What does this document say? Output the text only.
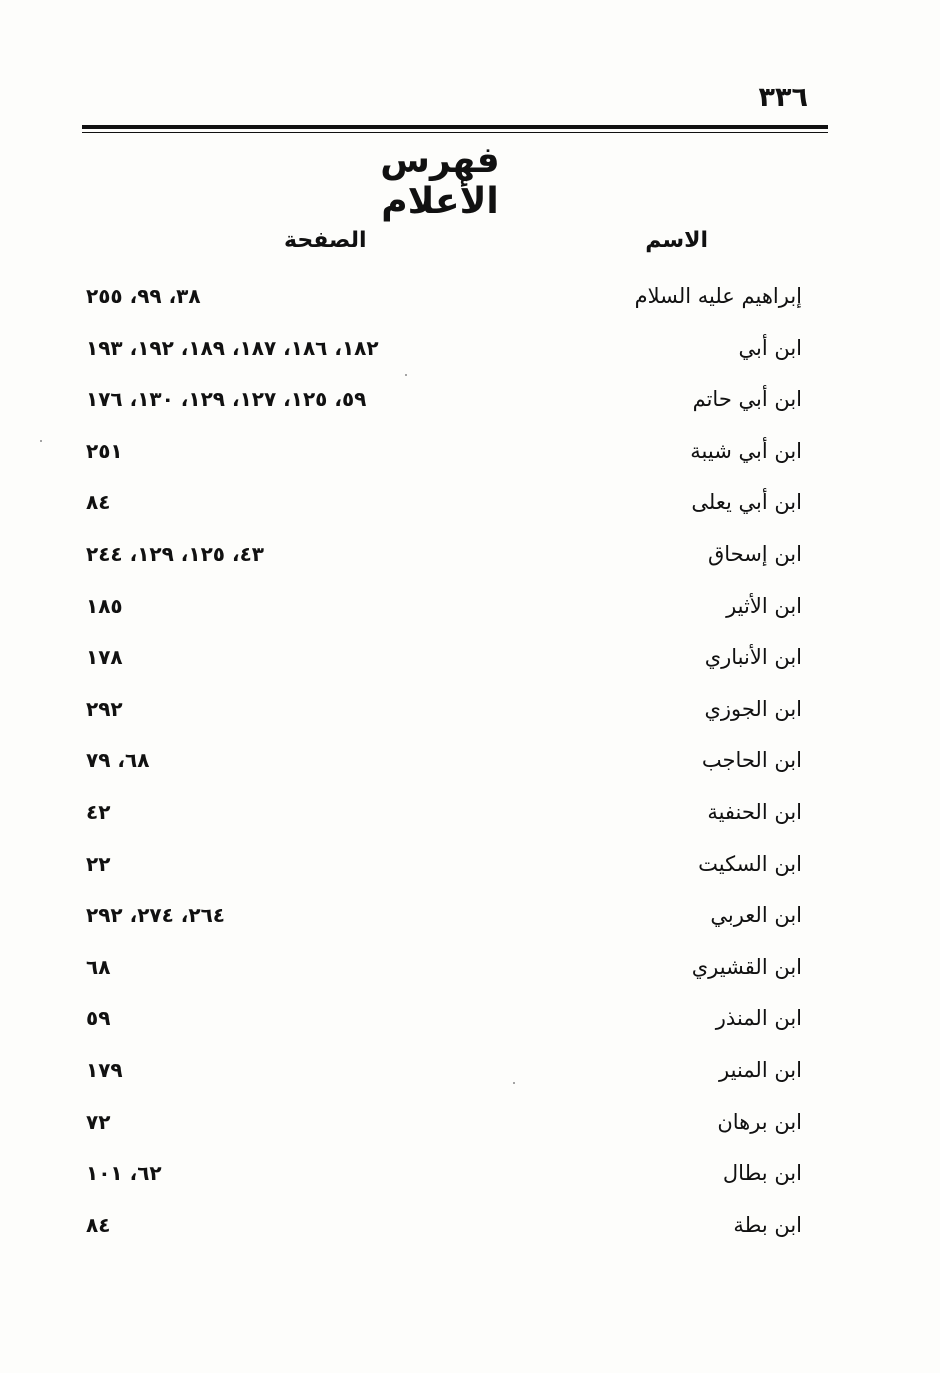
٣٣٦
فهرس الأعلام
الاسم
الصفحة
إبراهيم عليه السلام
٣٨، ٩٩، ٢٥٥
ابن أبي
١٨٢، ١٨٦، ١٨٧، ١٨٩، ١٩٢، ١٩٣
ابن أبي حاتم
٥٩، ١٢٥، ١٢٧، ١٢٩، ١٣٠، ١٧٦
ابن أبي شيبة
٢٥١
ابن أبي يعلى
٨٤
ابن إسحاق
٤٣، ١٢٥، ١٢٩، ٢٤٤
ابن الأثير
١٨٥
ابن الأنباري
١٧٨
ابن الجوزي
٢٩٢
ابن الحاجب
٦٨، ٧٩
ابن الحنفية
٤٢
ابن السكيت
٢٢
ابن العربي
٢٦٤، ٢٧٤، ٢٩٢
ابن القشيري
٦٨
ابن المنذر
٥٩
ابن المنير
١٧٩
ابن برهان
٧٢
ابن بطال
٦٢، ١٠١
ابن بطة
٨٤
